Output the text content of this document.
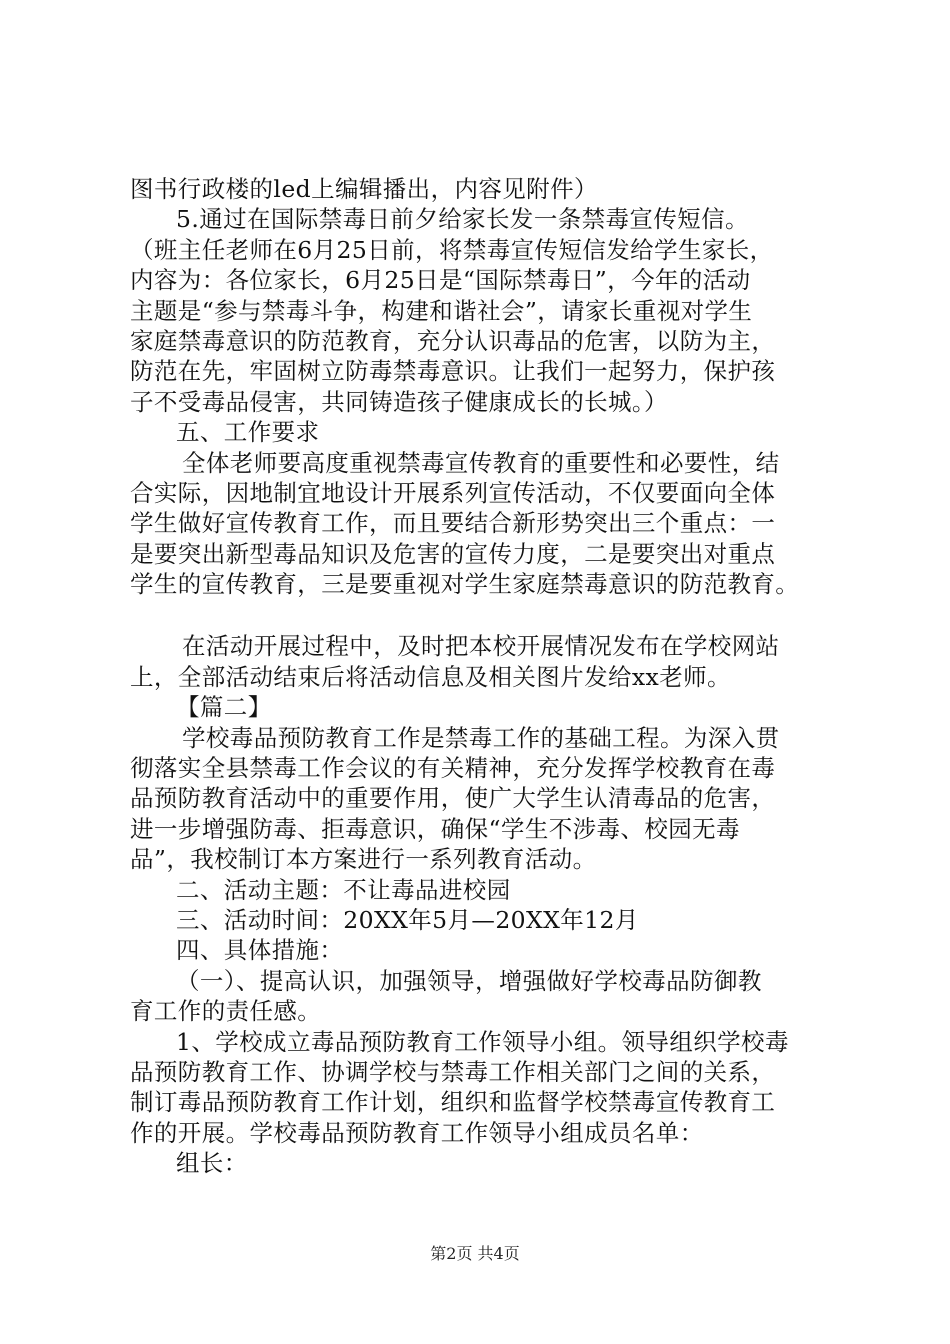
图书行政楼的led上编辑播出，内容见附件）
5.通过在国际禁毒日前夕给家长发一条禁毒宣传短信。
（班主任老师在6月25日前，将禁毒宣传短信发给学生家长，
内容为：各位家长，6月25日是“国际禁毒日”，今年的活动
主题是“参与禁毒斗争，构建和谐社会”，请家长重视对学生
家庭禁毒意识的防范教育，充分认识毒品的危害，以防为主，
防范在先，牢固树立防毒禁毒意识。让我们一起努力，保护孩
子不受毒品侵害，共同铸造孩子健康成长的长城。）
五、工作要求
全体老师要高度重视禁毒宣传教育的重要性和必要性，结
合实际，因地制宜地设计开展系列宣传活动，不仅要面向全体
学生做好宣传教育工作，而且要结合新形势突出三个重点：一
是要突出新型毒品知识及危害的宣传力度，二是要突出对重点
学生的宣传教育，三是要重视对学生家庭禁毒意识的防范教育。
在活动开展过程中，及时把本校开展情况发布在学校网站
上，全部活动结束后将活动信息及相关图片发给xx老师。
【篇二】
学校毒品预防教育工作是禁毒工作的基础工程。为深入贯
彻落实全县禁毒工作会议的有关精神，充分发挥学校教育在毒
品预防教育活动中的重要作用，使广大学生认清毒品的危害，
进一步增强防毒、拒毒意识，确保“学生不涉毒、校园无毒
品”，我校制订本方案进行一系列教育活动。
二、活动主题：不让毒品进校园
三、活动时间：20XX年5月—20XX年12月
四、具体措施：
（一）、提高认识，加强领导，增强做好学校毒品防御教
育工作的责任感。
1、学校成立毒品预防教育工作领导小组。领导组织学校毒
品预防教育工作、协调学校与禁毒工作相关部门之间的关系，
制订毒品预防教育工作计划，组织和监督学校禁毒宣传教育工
作的开展。学校毒品预防教育工作领导小组成员名单：
组长：
第2页 共4页
